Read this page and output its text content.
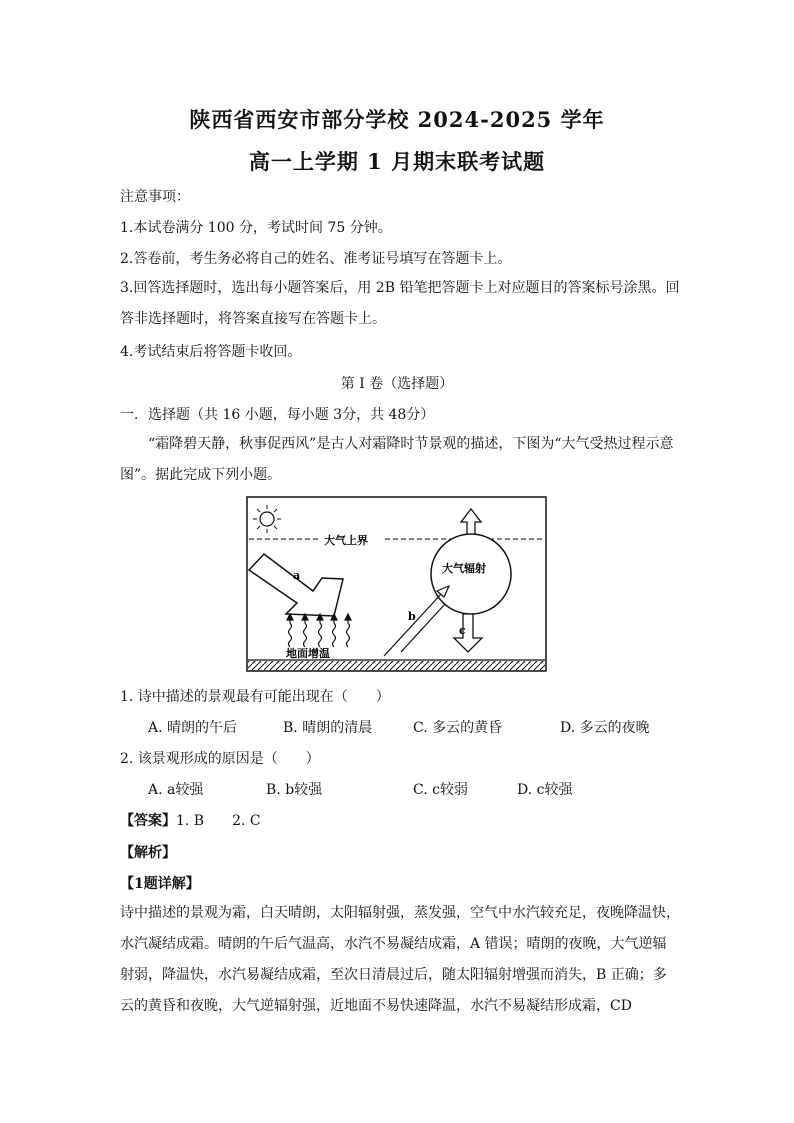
陕西省西安市部分学校 2024-2025 学年
高一上学期 1 月期末联考试题
注意事项：
1.本试卷满分 100 分，考试时间 75 分钟。
2.答卷前，考生务必将自己的姓名、准考证号填写在答题卡上。
3.回答选择题时，选出每小题答案后，用 2B 铅笔把答题卡上对应题目的答案标号涂黑。回答非选择题时，将答案直接写在答题卡上。
4.考试结束后将答题卡收回。
第 I 卷（选择题）
一．选择题（共 16 小题，每小题 3分，共 48分）
“霜降碧天静，秋事促西风”是古人对霜降时节景观的描述，下图为“大气受热过程示意图”。据此完成下列小题。
大气上界
a
地面增温
大气辐射
c
b
1. 诗中描述的景观最有可能出现在（　　）
A. 晴朗的午后	B. 晴朗的清晨	C. 多云的黄昏	D. 多云的夜晚
2. 该景观形成的原因是（　　）
A. a较强	B. b较强	C. c较弱	D. c较强
【答案】1. B　　2. C
【解析】
【1题详解】
诗中描述的景观为霜，白天晴朗，太阳辐射强，蒸发强，空气中水汽较充足，夜晚降温快，水汽凝结成霜。晴朗的午后气温高，水汽不易凝结成霜，A 错误；晴朗的夜晚，大气逆辐射弱，降温快，水汽易凝结成霜，至次日清晨过后，随太阳辐射增强而消失，B 正确；多云的黄昏和夜晚，大气逆辐射强，近地面不易快速降温，水汽不易凝结形成霜，CD
